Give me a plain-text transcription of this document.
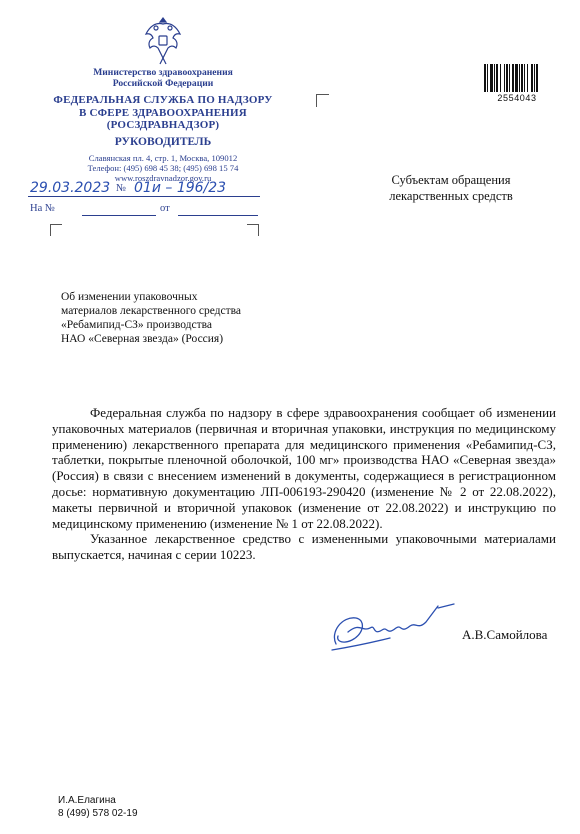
Министерство здравоохранения
Российской Федерации
ФЕДЕРАЛЬНАЯ СЛУЖБА ПО НАДЗОРУ
В СФЕРЕ ЗДРАВООХРАНЕНИЯ
(РОСЗДРАВНАДЗОР)
РУКОВОДИТЕЛЬ
Славянская пл. 4, стр. 1, Москва, 109012
Телефон: (495) 698 45 38; (495) 698 15 74
www.roszdravnadzor.gov.ru
2554043
29.03.2023 № 01и – 196/23
На №	от
Субъектам обращения
лекарственных средств
Об изменении упаковочных
материалов лекарственного средства
«Ребамипид-СЗ» производства
НАО «Северная звезда» (Россия)

Федеральная служба по надзору в сфере здравоохранения сообщает об изменении упаковочных материалов (первичная и вторичная упаковки, инструкция по медицинскому применению) лекарственного препарата для медицинского применения «Ребамипид-СЗ, таблетки, покрытые пленочной оболочкой, 100 мг» производства НАО «Северная звезда» (Россия) в связи с внесением изменений в документы, содержащиеся в регистрационном досье: нормативную документацию ЛП-006193-290420 (изменение № 2 от 22.08.2022), макеты первичной и вторичной упаковок (изменение от 22.08.2022) и инструкцию по медицинскому применению (изменение № 1 от 22.08.2022).

Указанное лекарственное средство с измененными упаковочными материалами выпускается, начиная с серии 10223.

А.В.Самойлова
И.А.Елагина
8 (499) 578 02-19
